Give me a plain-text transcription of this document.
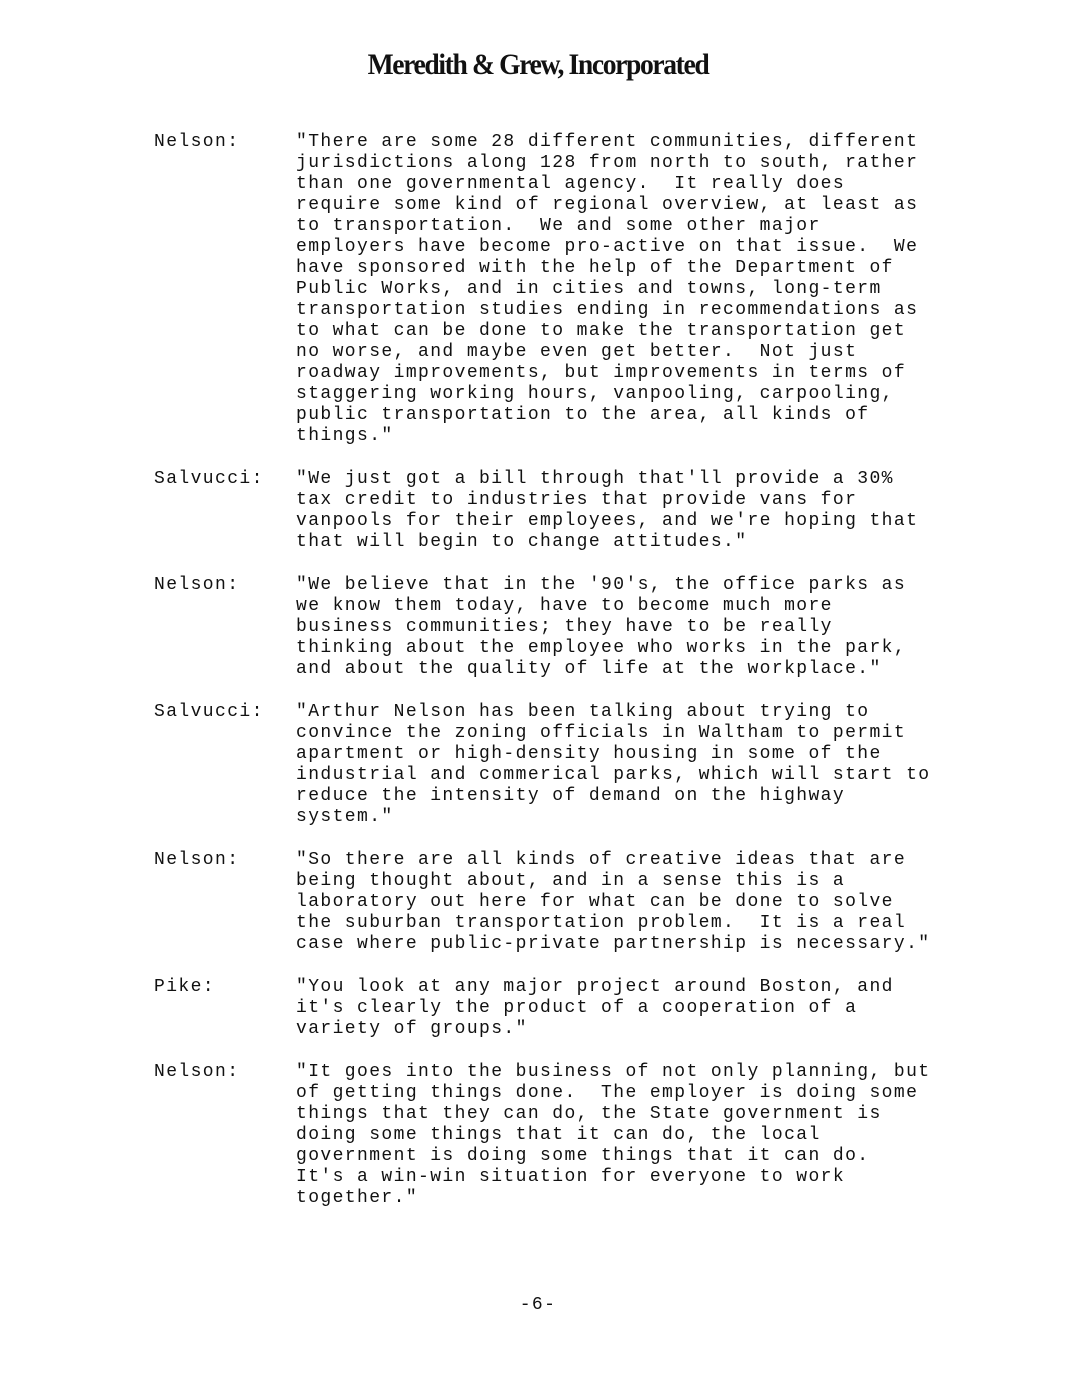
Meredith & Grew, Incorporated
Nelson:	"There are some 28 different communities, different
jurisdictions along 128 from north to south, rather
than one governmental agency.  It really does
require some kind of regional overview, at least as
to transportation.  We and some other major
employers have become pro-active on that issue.  We
have sponsored with the help of the Department of
Public Works, and in cities and towns, long-term
transportation studies ending in recommendations as
to what can be done to make the transportation get
no worse, and maybe even get better.  Not just
roadway improvements, but improvements in terms of
staggering working hours, vanpooling, carpooling,
public transportation to the area, all kinds of
things."
Salvucci: "We just got a bill through that'll provide a 30%
tax credit to industries that provide vans for
vanpools for their employees, and we're hoping that
that will begin to change attitudes."
Nelson:	"We believe that in the '90's, the office parks as
we know them today, have to become much more
business communities; they have to be really
thinking about the employee who works in the park,
and about the quality of life at the workplace."
Salvucci: "Arthur Nelson has been talking about trying to
convince the zoning officials in Waltham to permit
apartment or high-density housing in some of the
industrial and commerical parks, which will start to
reduce the intensity of demand on the highway
system."
Nelson:	"So there are all kinds of creative ideas that are
being thought about, and in a sense this is a
laboratory out here for what can be done to solve
the suburban transportation problem.  It is a real
case where public-private partnership is necessary."
Pike:	"You look at any major project around Boston, and
it's clearly the product of a cooperation of a
variety of groups."
Nelson:	"It goes into the business of not only planning, but
of getting things done.  The employer is doing some
things that they can do, the State government is
doing some things that it can do, the local
government is doing some things that it can do.
It's a win-win situation for everyone to work
together."
-6-
